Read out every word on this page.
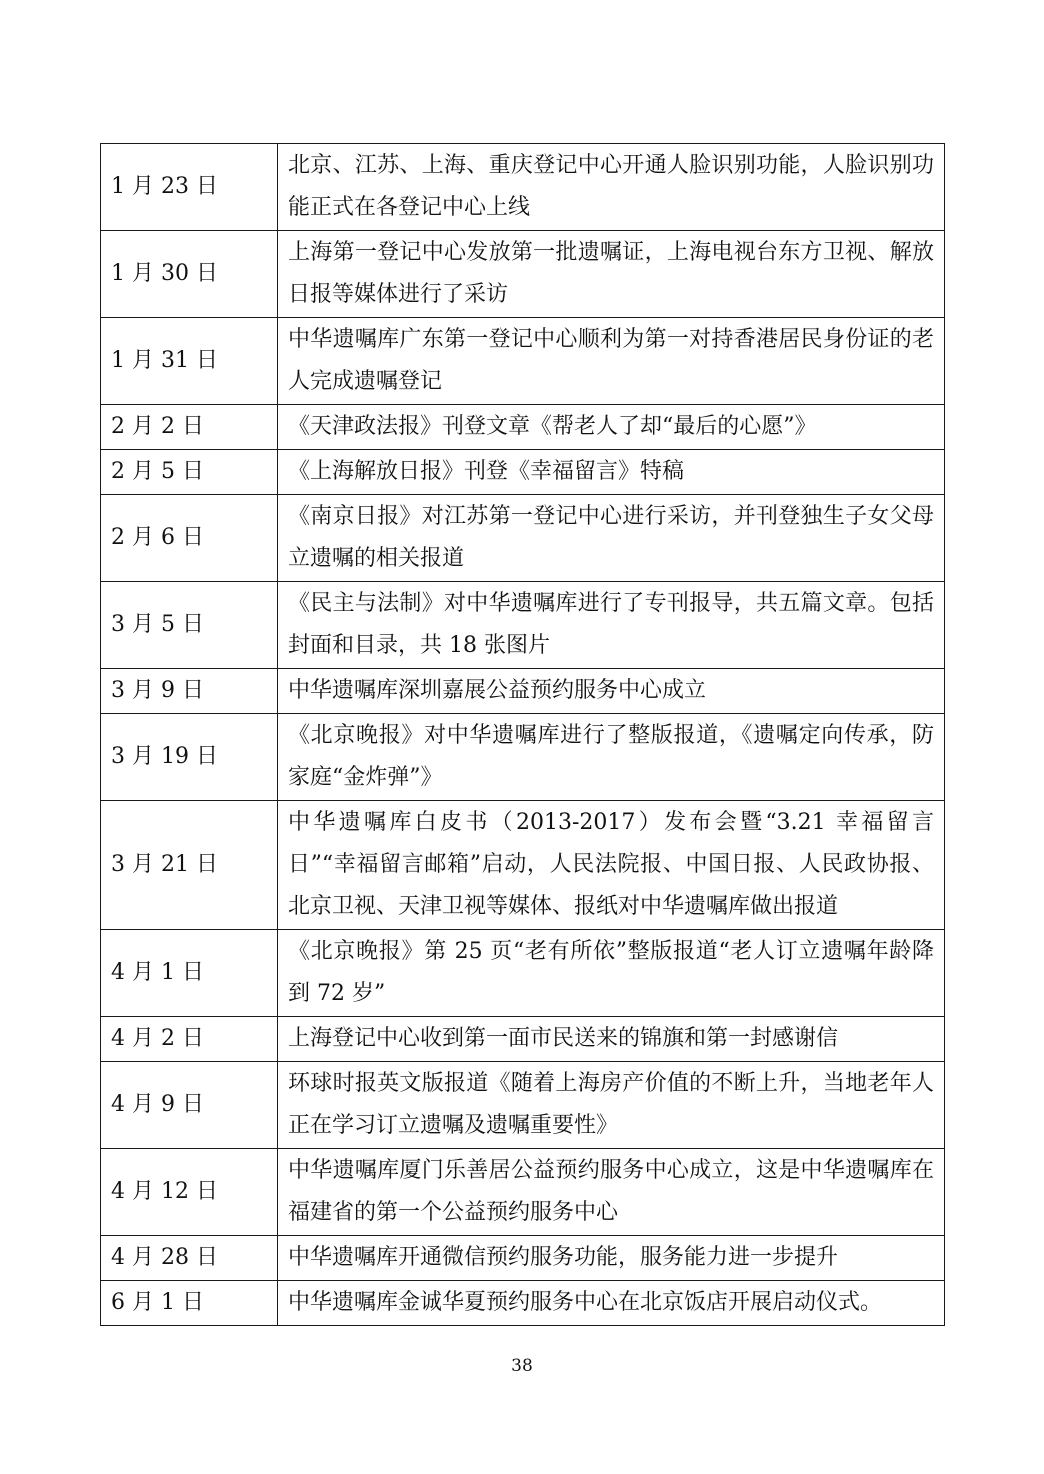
1 月 23 日	北京、江苏、上海、重庆登记中心开通人脸识别功能，人脸识别功能正式在各登记中心上线
1 月 30 日	上海第一登记中心发放第一批遗嘱证，上海电视台东方卫视、解放日报等媒体进行了采访
1 月 31 日	中华遗嘱库广东第一登记中心顺利为第一对持香港居民身份证的老人完成遗嘱登记
2 月 2 日	《天津政法报》刊登文章《帮老人了却“最后的心愿”》
2 月 5 日	《上海解放日报》刊登《幸福留言》特稿
2 月 6 日	《南京日报》对江苏第一登记中心进行采访，并刊登独生子女父母立遗嘱的相关报道
3 月 5 日	《民主与法制》对中华遗嘱库进行了专刊报导，共五篇文章。包括封面和目录，共 18 张图片
3 月 9 日	中华遗嘱库深圳嘉展公益预约服务中心成立
3 月 19 日	《北京晚报》对中华遗嘱库进行了整版报道，《遗嘱定向传承，防家庭“金炸弹”》
3 月 21 日	中华遗嘱库白皮书（2013-2017）发布会暨“3.21 幸福留言日”“幸福留言邮箱”启动，人民法院报、中国日报、人民政协报、北京卫视、天津卫视等媒体、报纸对中华遗嘱库做出报道
4 月 1 日	《北京晚报》第 25 页“老有所依”整版报道“老人订立遗嘱年龄降到 72 岁”
4 月 2 日	上海登记中心收到第一面市民送来的锦旗和第一封感谢信
4 月 9 日	环球时报英文版报道《随着上海房产价值的不断上升，当地老年人正在学习订立遗嘱及遗嘱重要性》
4 月 12 日	中华遗嘱库厦门乐善居公益预约服务中心成立，这是中华遗嘱库在福建省的第一个公益预约服务中心
4 月 28 日	中华遗嘱库开通微信预约服务功能，服务能力进一步提升
6 月 1 日	中华遗嘱库金诚华夏预约服务中心在北京饭店开展启动仪式。
38
